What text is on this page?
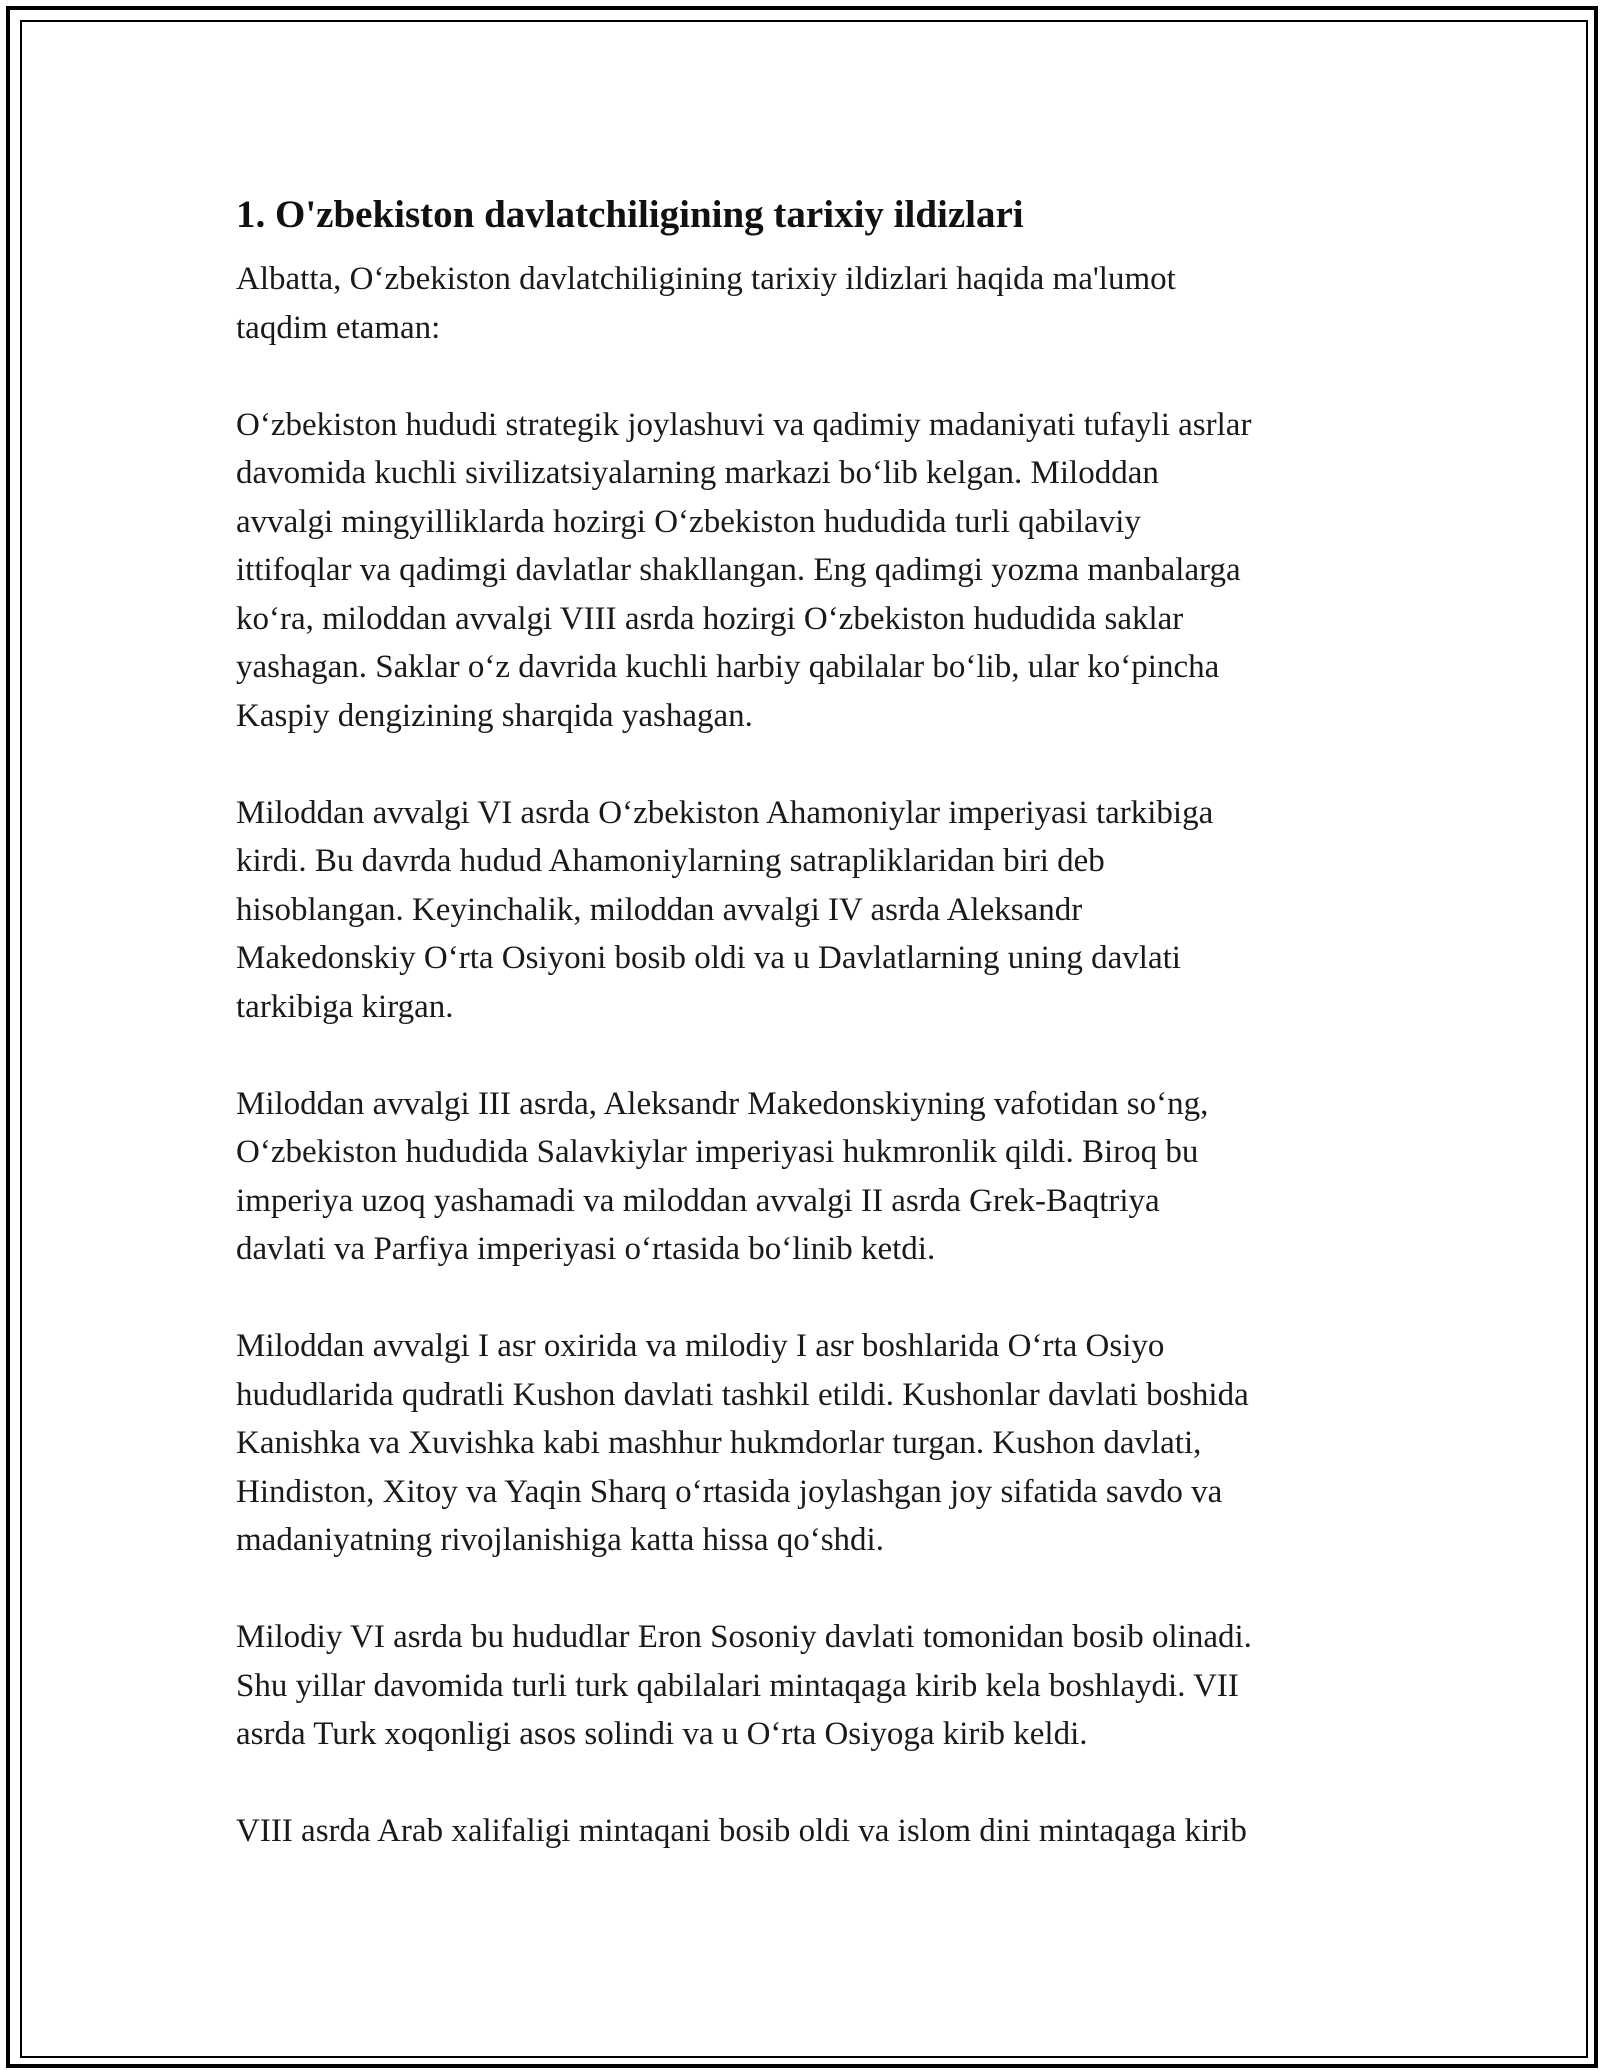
1. O'zbekiston davlatchiligining tarixiy ildizlari

Albatta, O‘zbekiston davlatchiligining tarixiy ildizlari haqida ma'lumot
taqdim etaman:

O‘zbekiston hududi strategik joylashuvi va qadimiy madaniyati tufayli asrlar
davomida kuchli sivilizatsiyalarning markazi bo‘lib kelgan. Miloddan
avvalgi mingyilliklarda hozirgi O‘zbekiston hududida turli qabilaviy
ittifoqlar va qadimgi davlatlar shakllangan. Eng qadimgi yozma manbalarga
ko‘ra, miloddan avvalgi VIII asrda hozirgi O‘zbekiston hududida saklar
yashagan. Saklar o‘z davrida kuchli harbiy qabilalar bo‘lib, ular ko‘pincha
Kaspiy dengizining sharqida yashagan.

Miloddan avvalgi VI asrda O‘zbekiston Ahamoniylar imperiyasi tarkibiga
kirdi. Bu davrda hudud Ahamoniylarning satrapliklaridan biri deb
hisoblangan. Keyinchalik, miloddan avvalgi IV asrda Aleksandr
Makedonskiy O‘rta Osiyoni bosib oldi va u Davlatlarning uning davlati
tarkibiga kirgan.

Miloddan avvalgi III asrda, Aleksandr Makedonskiyning vafotidan so‘ng,
O‘zbekiston hududida Salavkiylar imperiyasi hukmronlik qildi. Biroq bu
imperiya uzoq yashamadi va miloddan avvalgi II asrda Grek-Baqtriya
davlati va Parfiya imperiyasi o‘rtasida bo‘linib ketdi.

Miloddan avvalgi I asr oxirida va milodiy I asr boshlarida O‘rta Osiyo
hududlarida qudratli Kushon davlati tashkil etildi. Kushonlar davlati boshida
Kanishka va Xuvishka kabi mashhur hukmdorlar turgan. Kushon davlati,
Hindiston, Xitoy va Yaqin Sharq o‘rtasida joylashgan joy sifatida savdo va
madaniyatning rivojlanishiga katta hissa qo‘shdi.

Milodiy VI asrda bu hududlar Eron Sosoniy davlati tomonidan bosib olinadi.
Shu yillar davomida turli turk qabilalari mintaqaga kirib kela boshlaydi. VII
asrda Turk xoqonligi asos solindi va u O‘rta Osiyoga kirib keldi.

VIII asrda Arab xalifaligi mintaqani bosib oldi va islom dini mintaqaga kirib
